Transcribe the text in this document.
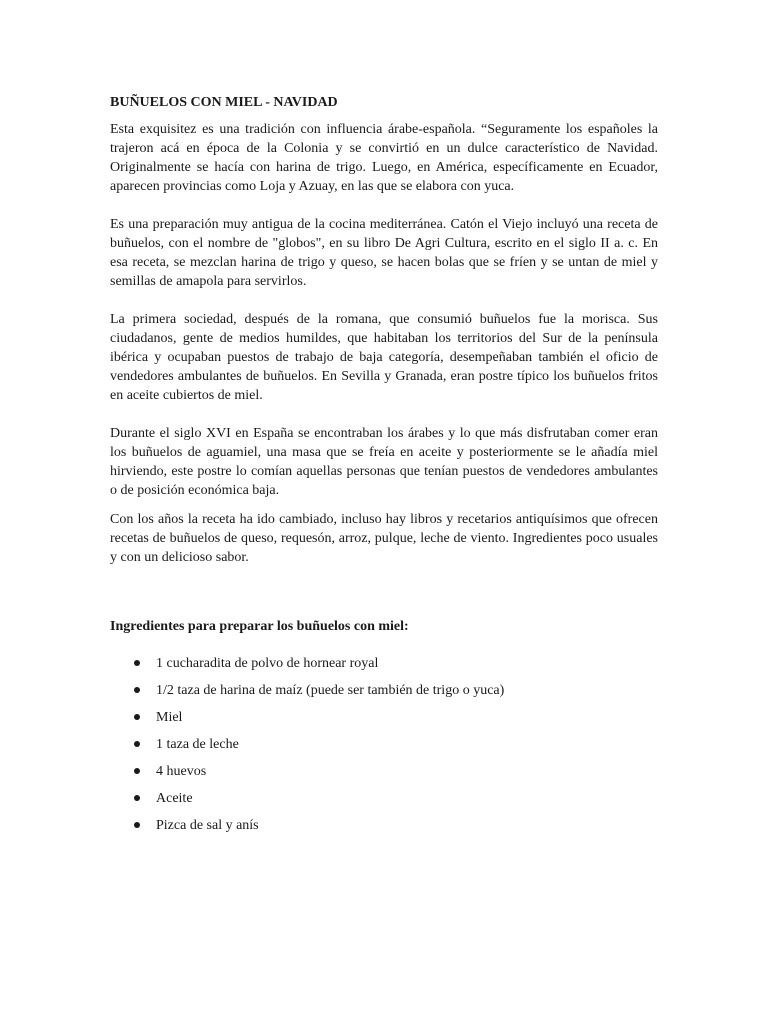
BUÑUELOS CON MIEL - NAVIDAD

Esta exquisitez es una tradición con influencia árabe-española. “Seguramente los españoles la trajeron acá en época de la Colonia y se convirtió en un dulce característico de Navidad. Originalmente se hacía con harina de trigo. Luego, en América, específicamente en Ecuador, aparecen provincias como Loja y Azuay, en las que se elabora con yuca.

Es una preparación muy antigua de la cocina mediterránea. Catón el Viejo incluyó una receta de buñuelos, con el nombre de "globos", en su libro De Agri Cultura, escrito en el siglo II a. c. En esa receta, se mezclan harina de trigo y queso, se hacen bolas que se fríen y se untan de miel y semillas de amapola para servirlos.

La primera sociedad, después de la romana, que consumió buñuelos fue la morisca. Sus ciudadanos, gente de medios humildes, que habitaban los territorios del Sur de la península ibérica y ocupaban puestos de trabajo de baja categoría, desempeñaban también el oficio de vendedores ambulantes de buñuelos. En Sevilla y Granada, eran postre típico los buñuelos fritos en aceite cubiertos de miel.

Durante el siglo XVI en España se encontraban los árabes y lo que más disfrutaban comer eran los buñuelos de aguamiel, una masa que se freía en aceite y posteriormente se le añadía miel hirviendo, este postre lo comían aquellas personas que tenían puestos de vendedores ambulantes o de posición económica baja.

Con los años la receta ha ido cambiado, incluso hay libros y recetarios antiquísimos que ofrecen recetas de buñuelos de queso, requesón, arroz, pulque, leche de viento. Ingredientes poco usuales y con un delicioso sabor.

Ingredientes para preparar los buñuelos con miel:
1 cucharadita de polvo de hornear royal
1/2 taza de harina de maíz (puede ser también de trigo o yuca)
Miel
1 taza de leche
4 huevos
Aceite
Pizca de sal y anís
